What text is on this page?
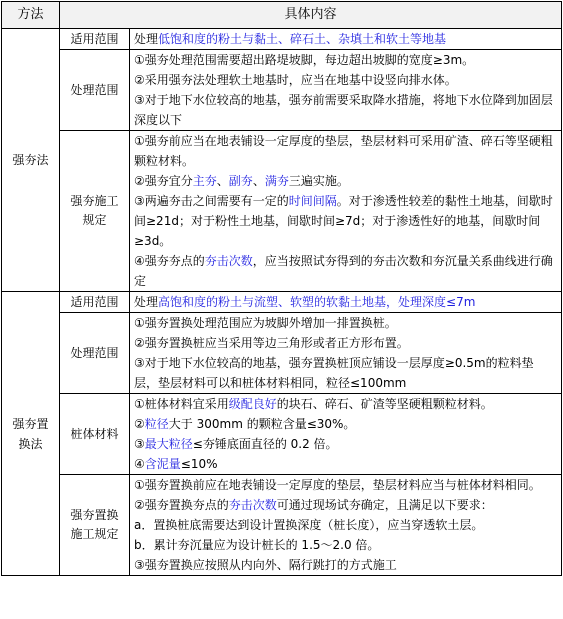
方法	具体内容	

强夯法	适用范围	处理低饱和度的粉土与黏土、碎石土、杂填土和软土等地基

	处理范围	①强夯处理范围需要超出路堤坡脚，每边超出坡脚的宽度≥3m。
②采用强夯法处理软土地基时，应当在地基中设竖向排水体。
③对于地下水位较高的地基，强夯前需要采取降水措施，将地下水位降到加固层深度以下

	强夯施工规定	①强夯前应当在地表铺设一定厚度的垫层，垫层材料可采用矿渣、碎石等坚硬粗颗粒材料。
②强夯宜分主夯、副夯、满夯三遍实施。
③两遍夯击之间需要有一定的时间间隔。对于渗透性较差的黏性土地基，间歇时间≥21d；对于粉性土地基，间歇时间≥7d；对于渗透性好的地基，间歇时间≥3d。
④强夯夯点的夯击次数，应当按照试夯得到的夯击次数和夯沉量关系曲线进行确定

强夯置换法	适用范围	处理高饱和度的粉土与流塑、软塑的软黏土地基，处理深度≤7m

	处理范围	①强夯置换处理范围应为坡脚外增加一排置换桩。
②强夯置换桩应当采用等边三角形或者正方形布置。
③对于地下水位较高的地基，强夯置换桩顶应铺设一层厚度≥0.5m的粒料垫层，垫层材料可以和桩体材料相同，粒径≤100mm

	桩体材料	①桩体材料宜采用级配良好的块石、碎石、矿渣等坚硬粗颗粒材料。
②粒径大于 300mm 的颗粒含量≤30%。
③最大粒径≤夯锤底面直径的 0.2 倍。
④含泥量≤10%

	强夯置换施工规定	①强夯置换前应在地表铺设一定厚度的垫层，垫层材料应当与桩体材料相同。
②强夯置换夯点的夯击次数可通过现场试夯确定，且满足以下要求：
a．置换桩底需要达到设计置换深度（桩长度），应当穿透软土层。
b．累计夯沉量应为设计桩长的 1.5～2.0 倍。
③强夯置换应按照从内向外、隔行跳打的方式施工
